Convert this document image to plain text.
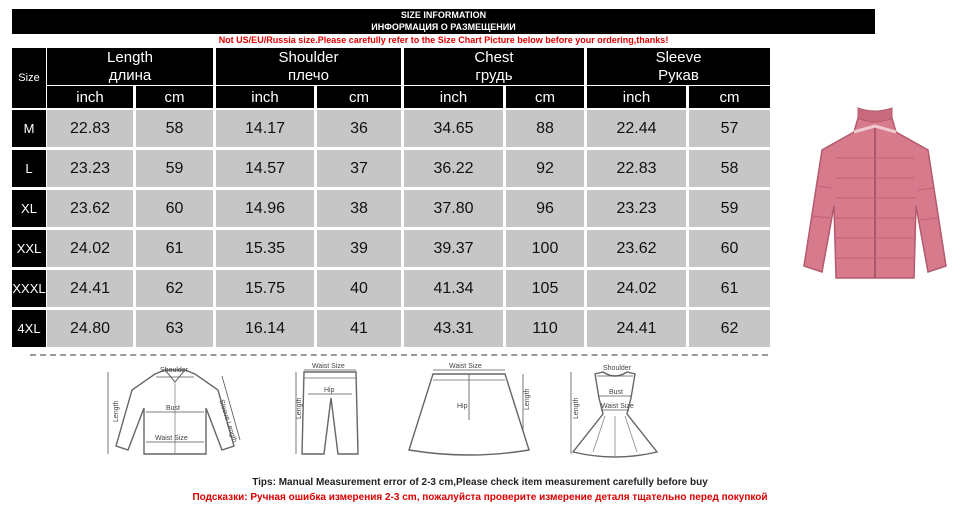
SIZE INFORMATION
ИНФОРМАЦИЯ О РАЗМЕЩЕНИИ
Not US/EU/Russia size.Please carefully refer to the Size Chart Picture below before your ordering,thanks!
Size
Length
длина
inch	cm
Shoulder
плечо
inch	cm
Chest
грудь
inch	cm
Sleeve
Рукав
inch	cm
M	22.83	58	14.17	36	34.65	88	22.44	57
L	23.23	59	14.57	37	36.22	92	22.83	58
XL	23.62	60	14.96	38	37.80	96	23.23	59
XXL	24.02	61	15.35	39	39.37	100	23.62	60
XXXL	24.41	62	15.75	40	41.34	105	24.02	61
4XL	24.80	63	16.14	41	43.31	110	24.41	62
Shoulder
Bust
Waist Size
Length	Sleeve Length
Waist Size
Hip
Length
Waist Size
Hip	Length
Shoulder
Bust
Waist Size
Length
Tips: Manual Measurement error of 2-3 cm,Please check item measurement carefully before buy
Подсказки: Ручная ошибка измерения 2-3 cm, пожалуйста проверите измерение деталя тщательно перед покупкой
